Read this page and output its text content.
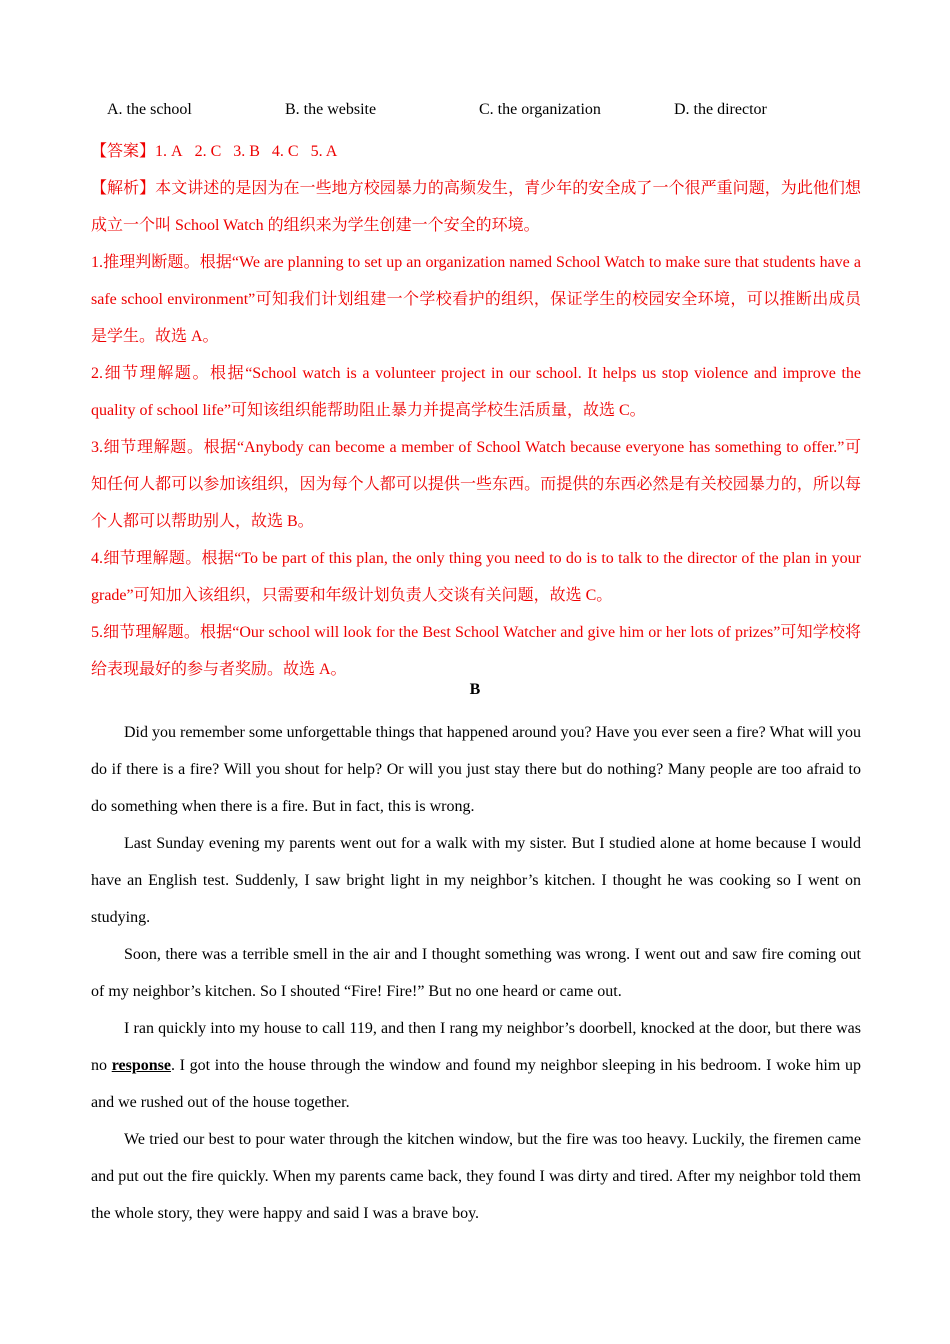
A. the school	B. the website	C. the organization	D. the director

【答案】1. A 2. C 3. B 4. C 5. A

【解析】本文讲述的是因为在一些地方校园暴力的高频发生，青少年的安全成了一个很严重问题，为此他们想成立一个叫 School Watch 的组织来为学生创建一个安全的环境。

1.推理判断题。根据“We are planning to set up an organization named School Watch to make sure that students have a safe school environment”可知我们计划组建一个学校看护的组织，保证学生的校园安全环境，可以推断出成员是学生。故选 A。

2.细节理解题。根据“School watch is a volunteer project in our school. It helps us stop violence and improve the quality of school life”可知该组织能帮助阻止暴力并提高学校生活质量，故选 C。

3.细节理解题。根据“Anybody can become a member of School Watch because everyone has something to offer.”可知任何人都可以参加该组织，因为每个人都可以提供一些东西。而提供的东西必然是有关校园暴力的，所以每个人都可以帮助别人，故选 B。

4.细节理解题。根据“To be part of this plan, the only thing you need to do is to talk to the director of the plan in your grade”可知加入该组织，只需要和年级计划负责人交谈有关问题，故选 C。

5.细节理解题。根据“Our school will look for the Best School Watcher and give him or her lots of prizes”可知学校将给表现最好的参与者奖励。故选 A。

B

Did you remember some unforgettable things that happened around you? Have you ever seen a fire? What will you do if there is a fire? Will you shout for help? Or will you just stay there but do nothing? Many people are too afraid to do something when there is a fire. But in fact, this is wrong.

Last Sunday evening my parents went out for a walk with my sister. But I studied alone at home because I would have an English test. Suddenly, I saw bright light in my neighbor’s kitchen. I thought he was cooking so I went on studying.

Soon, there was a terrible smell in the air and I thought something was wrong. I went out and saw fire coming out of my neighbor’s kitchen. So I shouted “Fire! Fire!” But no one heard or came out.

I ran quickly into my house to call 119, and then I rang my neighbor’s doorbell, knocked at the door, but there was no response. I got into the house through the window and found my neighbor sleeping in his bedroom. I woke him up and we rushed out of the house together.

We tried our best to pour water through the kitchen window, but the fire was too heavy. Luckily, the firemen came and put out the fire quickly. When my parents came back, they found I was dirty and tired. After my neighbor told them the whole story, they were happy and said I was a brave boy.
